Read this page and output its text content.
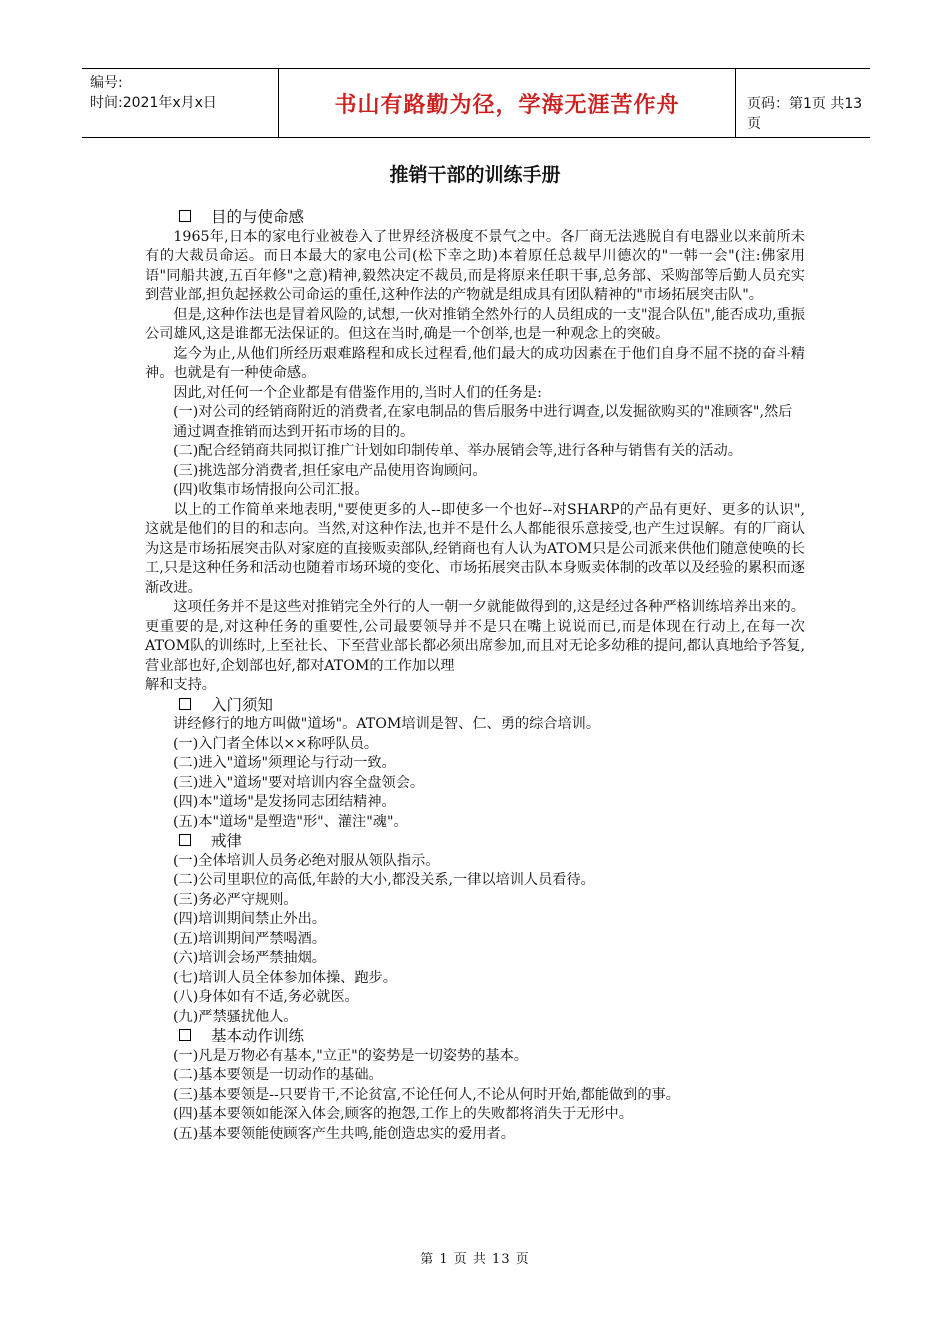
编号:
时间:2021年x月x日	书山有路勤为径，学海无涯苦作舟	页码：第1页 共13页
推销干部的训练手册

目的与使命感

1965年,日本的家电行业被卷入了世界经济极度不景气之中。各厂商无法逃脱自有电器业以来前所未有的大裁员命运。而日本最大的家电公司(松下幸之助)本着原任总裁早川德次的"一韩一会"(注:佛家用语"同船共渡,五百年修"之意)精神,毅然决定不裁员,而是将原来任职干事,总务部、采购部等后勤人员充实到营业部,担负起拯救公司命运的重任,这种作法的产物就是组成具有团队精神的"市场拓展突击队"。

但是,这种作法也是冒着风险的,试想,一伙对推销全然外行的人员组成的一支"混合队伍",能否成功,重振公司雄风,这是谁都无法保证的。但这在当时,确是一个创举,也是一种观念上的突破。

迄今为止,从他们所经历艰难路程和成长过程看,他们最大的成功因素在于他们自身不屈不挠的奋斗精神。也就是有一种使命感。

因此,对任何一个企业都是有借鉴作用的,当时人们的任务是:

(一)对公司的经销商附近的消费者,在家电制品的售后服务中进行调查,以发掘欲购买的"准顾客",然后通过调查推销而达到开拓市场的目的。

(二)配合经销商共同拟订推广计划如印制传单、举办展销会等,进行各种与销售有关的活动。

(三)挑选部分消费者,担任家电产品使用咨询顾问。

(四)收集市场情报向公司汇报。

以上的工作简单来地表明,"要使更多的人--即使多一个也好--对SHARP的产品有更好、更多的认识",这就是他们的目的和志向。当然,对这种作法,也并不是什么人都能很乐意接受,也产生过误解。有的厂商认为这是市场拓展突击队对家庭的直接贩卖部队,经销商也有人认为ATOM只是公司派来供他们随意使唤的长工,只是这种任务和活动也随着市场环境的变化、市场拓展突击队本身贩卖体制的改革以及经验的累积而逐渐改进。

这项任务并不是这些对推销完全外行的人一朝一夕就能做得到的,这是经过各种严格训练培养出来的。更重要的是,对这种任务的重要性,公司最要领导并不是只在嘴上说说而已,而是体现在行动上,在每一次ATOM队的训练时,上至社长、下至营业部长都必须出席参加,而且对无论多幼稚的提问,都认真地给予答复,营业部也好,企划部也好,都对ATOM的工作加以理

解和支持。

入门须知

讲经修行的地方叫做"道场"。ATOM培训是智、仁、勇的综合培训。

(一)入门者全体以××称呼队员。

(二)进入"道场"须理论与行动一致。

(三)进入"道场"要对培训内容全盘领会。

(四)本"道场"是发扬同志团结精神。

(五)本"道场"是塑造"形"、灌注"魂"。

戒律

(一)全体培训人员务必绝对服从领队指示。

(二)公司里职位的高低,年龄的大小,都没关系,一律以培训人员看待。

(三)务必严守规则。

(四)培训期间禁止外出。

(五)培训期间严禁喝酒。

(六)培训会场严禁抽烟。

(七)培训人员全体参加体操、跑步。

(八)身体如有不适,务必就医。

(九)严禁骚扰他人。

基本动作训练

(一)凡是万物必有基本,"立正"的姿势是一切姿势的基本。

(二)基本要领是一切动作的基础。

(三)基本要领是--只要肯干,不论贫富,不论任何人,不论从何时开始,都能做到的事。

(四)基本要领如能深入体会,顾客的抱怨,工作上的失败都将消失于无形中。

(五)基本要领能使顾客产生共鸣,能创造忠实的爱用者。

第 1 页 共 13 页
